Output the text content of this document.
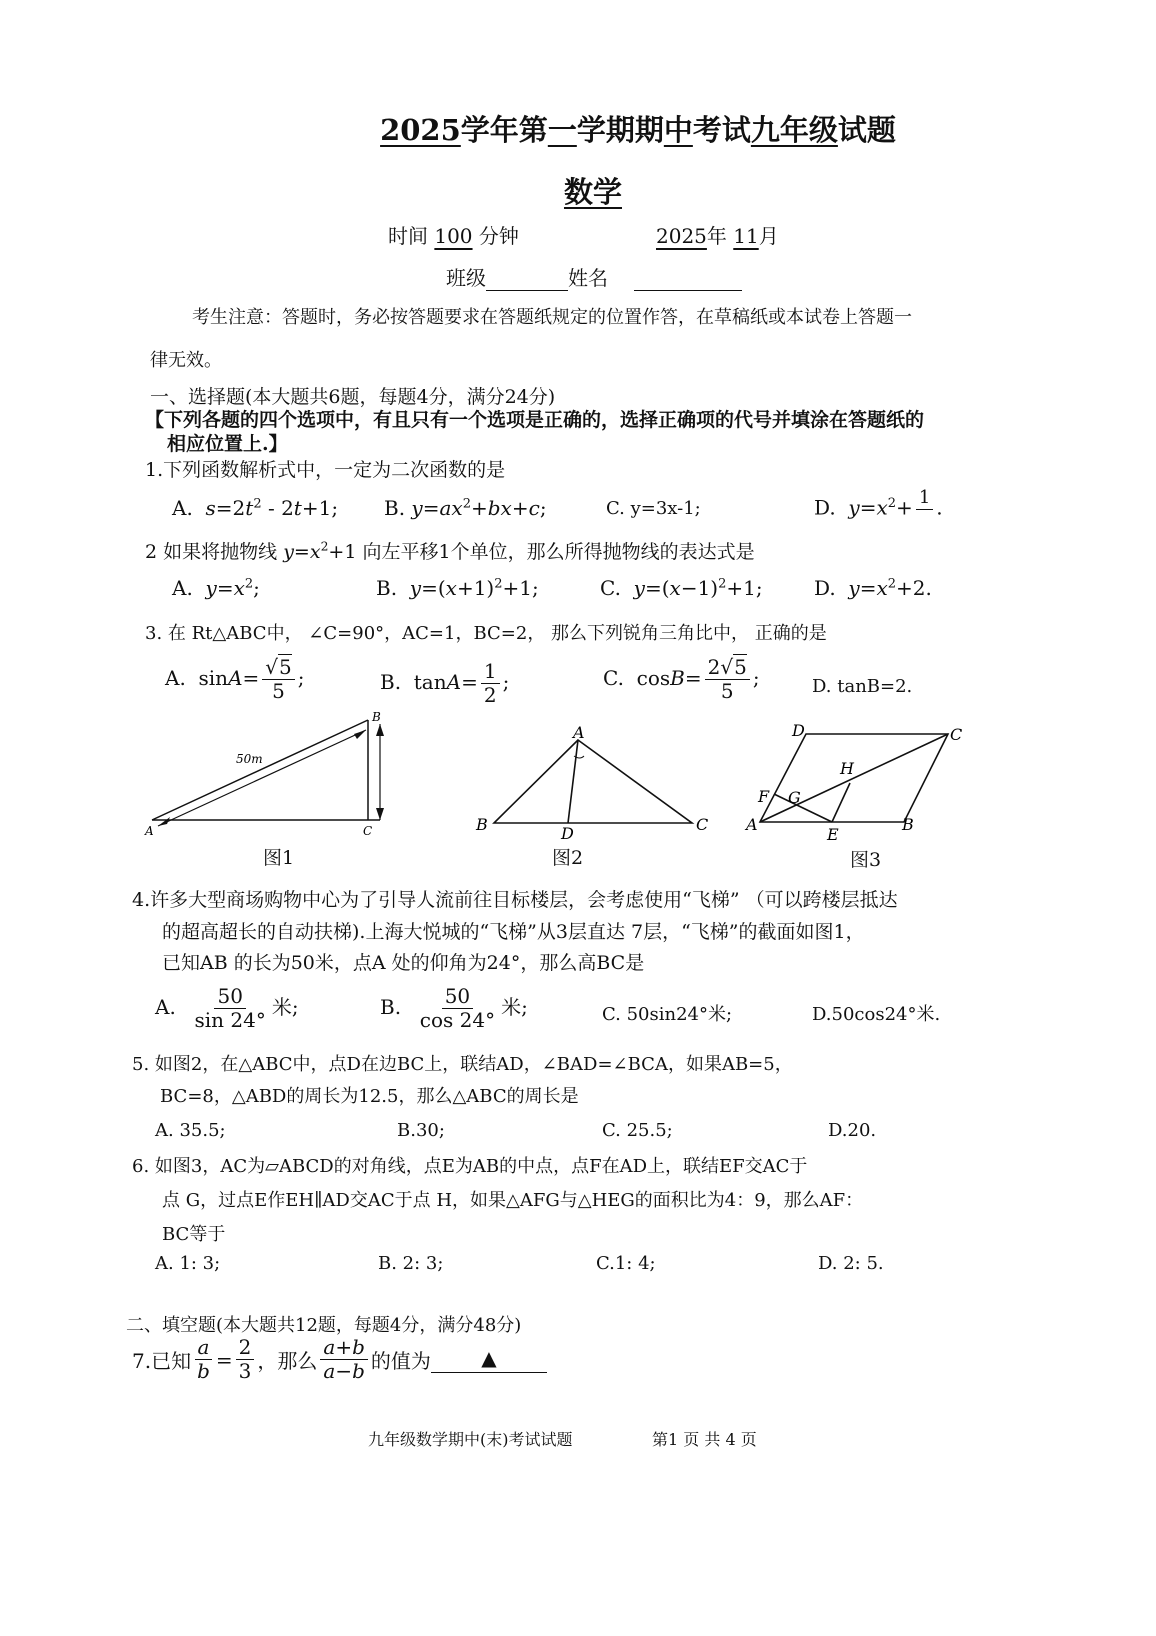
2025学年第一学期期中考试九年级试题
数学
时间 100 分钟	2025年 11月
班级	姓名
考生注意：答题时，务必按答题要求在答题纸规定的位置作答，在草稿纸或本试卷上答题一
律无效。
一、选择题(本大题共6题，每题4分，满分24分)
【下列各题的四个选项中，有且只有一个选项是正确的，选择正确项的代号并填涂在答题纸的
相应位置上.】
1.下列函数解析式中，一定为二次函数的是
A.  $s=2t^2 - 2t+1$; B. $y=ax^2+bx+c$;	C. y=3x-1;	D.  $y=x^2+ 1$
.
2 如果将抛物线 $y=x^2+1$ 向左平移1个单位，那么所得抛物线的表达式是
A.  $y=x^2$;	B.  $y=(x+1)^2+1$;	C.  $y=(x-1)^2+1$;	D.  $y=x^2+2$.
3. 在 Rt△ABC中， ∠C=90°，AC=1，BC=2， 那么下列锐角三角比中， 正确的是
A.  $\sin A= \frac{√5}{5}$ ;	B.  $\tan A= \frac{1}{2}$ ;	C.  $\cos B= \frac{2√5}{5}$ ;	D. tanB=2.
50m
A
B
C
图1
A
B	C
D
图2
D	C
H
F G
A
E
B
图3
4.许多大型商场购物中心为了引导人流前往目标楼层，会考虑使用“飞梯” （可以跨楼层抵达
的超高超长的自动扶梯).上海大悦城的“飞梯”从3层直达 7层，“飞梯”的截面如图1，
已知AB 的长为50米，点A 处的仰角为24°，那么高BC是
A. $\frac{50}{\sin 24^\circ}$ 米;	B. $\frac{50}{\cos 24^\circ}$ 米;	C. 50sin24°米;	D.50cos24°米.
5. 如图2，在△ABC中，点D在边BC上，联结AD，∠BAD=∠BCA，如果AB=5，
BC=8，△ABD的周长为12.5，那么△ABC的周长是
A. 35.5;	B.30;	C. 25.5;	D.20.
6. 如图3，AC为▱ABCD的对角线，点E为AB的中点，点F在AD上，联结EF交AC于
点 G，过点E作EH∥AD交AC于点 H，如果△AFG与△HEG的面积比为4：9，那么AF：
BC等于
A. 1: 3;	B. 2: 3;	C.1: 4;	D. 2: 5.
二、填空题(本大题共12题，每题4分，满分48分)
7.已知 $\frac{a}{b} = \frac{2}{3}$ ，那么 $\frac{a+b}{a-b}$ 的值为	▲
九年级数学期中(末)考试试题	第1 页 共 4 页
